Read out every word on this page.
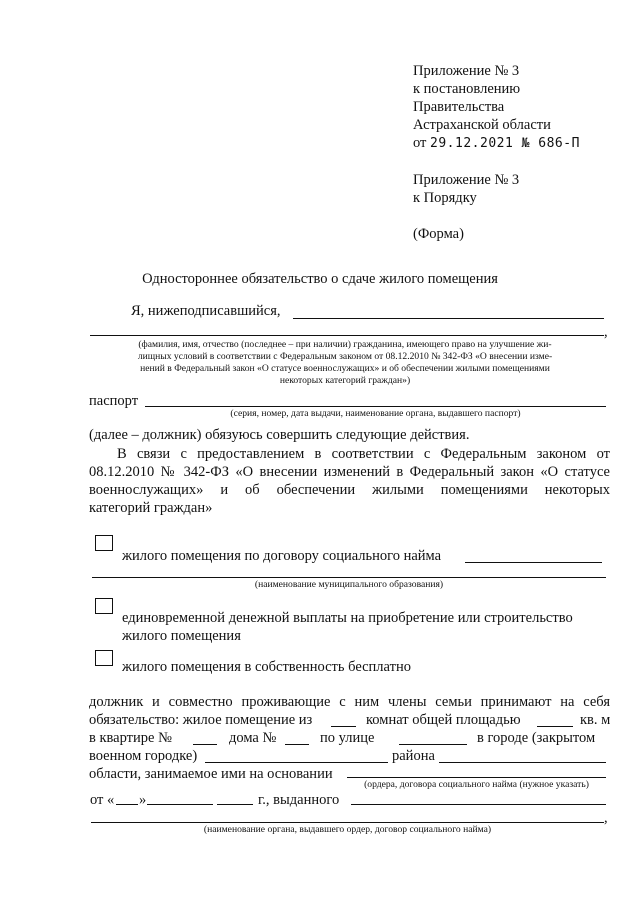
Приложение № 3
к постановлению
Правительства
Астраханской области
от 29.12.2021 № 686-П
Приложение № 3
к Порядку
(Форма)
Одностороннее обязательство о сдаче жилого помещения
Я, нижеподписавшийся,
,
(фамилия, имя, отчество (последнее – при наличии) гражданина, имеющего право на улучшение жи-
лищных условий в соответствии с Федеральным законом от 08.12.2010 № 342-ФЗ «О внесении изме-
нений в Федеральный закон «О статусе военнослужащих» и об обеспечении жилыми помещениями
некоторых категорий граждан»)
паспорт
(серия, номер, дата выдачи, наименование органа, выдавшего паспорт)
(далее – должник) обязуюсь совершить следующие действия.
В связи с предоставлением в соответствии с Федеральным законом от
08.12.2010 № 342-ФЗ «О внесении изменений в Федеральный закон «О статусе
военнослужащих» и об обеспечении жилыми помещениями некоторых
категорий граждан»
жилого помещения по договору социального найма
(наименование муниципального образования)
единовременной денежной выплаты на приобретение или строительство
жилого помещения
жилого помещения в собственность бесплатно
должник и совместно проживающие с ним члены семьи принимают на себя
обязательство: жилое помещение из	комнат общей площадью	кв. м
в квартире №	дома №	по улице	в городе (закрытом
военном городке)	района
области, занимаемое ими на основании
(ордера, договора социального найма (нужное указать)
от « »	г., выданного
,
(наименование органа, выдавшего ордер, договор социального найма)
